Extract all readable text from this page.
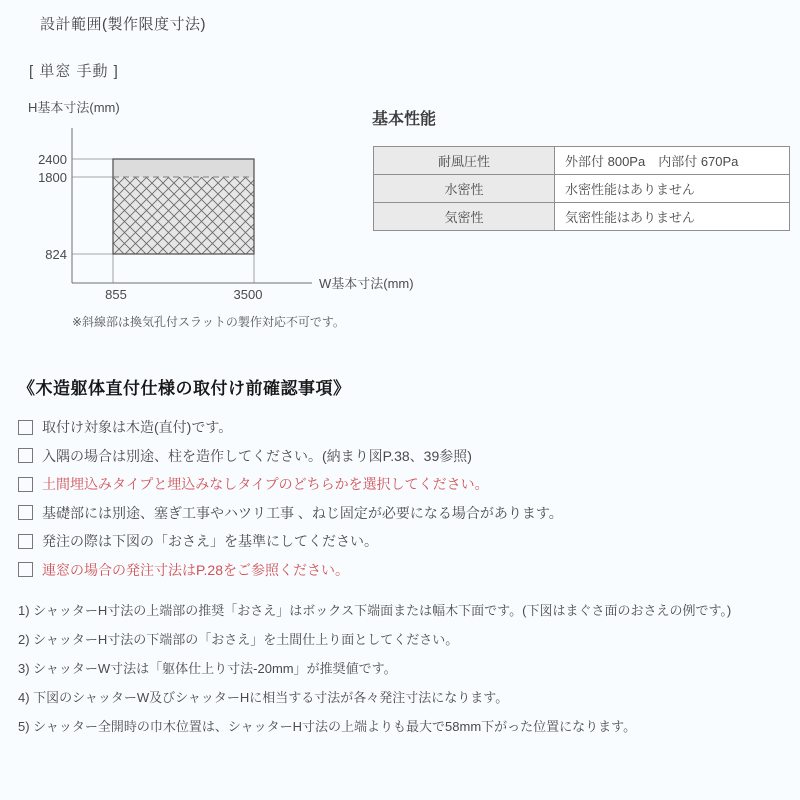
設計範囲(製作限度寸法)
[ 単窓 手動 ]
H基本寸法(mm)
2400
1800
824
855	3500
W基本寸法(mm)
※斜線部は換気孔付スラットの製作対応不可です。
基本性能
耐風圧性	外部付 800Pa　内部付 670Pa
水密性	水密性能はありません
気密性	気密性能はありません
《木造躯体直付仕様の取付け前確認事項》
取付け対象は木造(直付)です。
入隅の場合は別途、柱を造作してください。(納まり図P.38、39参照)
土間埋込みタイプと埋込みなしタイプのどちらかを選択してください。
基礎部には別途、塞ぎ工事やハツリ工事 、ねじ固定が必要になる場合があります。
発注の際は下図の「おさえ」を基準にしてください。
連窓の場合の発注寸法はP.28をご参照ください。
1) シャッターH寸法の上端部の推奨「おさえ」はボックス下端面または幅木下面です。(下図はまぐさ面のおさえの例です。)
2) シャッターH寸法の下端部の「おさえ」を土間仕上り面としてください。
3) シャッターW寸法は「躯体仕上り寸法-20mm」が推奨値です。
4) 下図のシャッターW及びシャッターHに相当する寸法が各々発注寸法になります。
5) シャッター全開時の巾木位置は、シャッターH寸法の上端よりも最大で58mm下がった位置になります。
